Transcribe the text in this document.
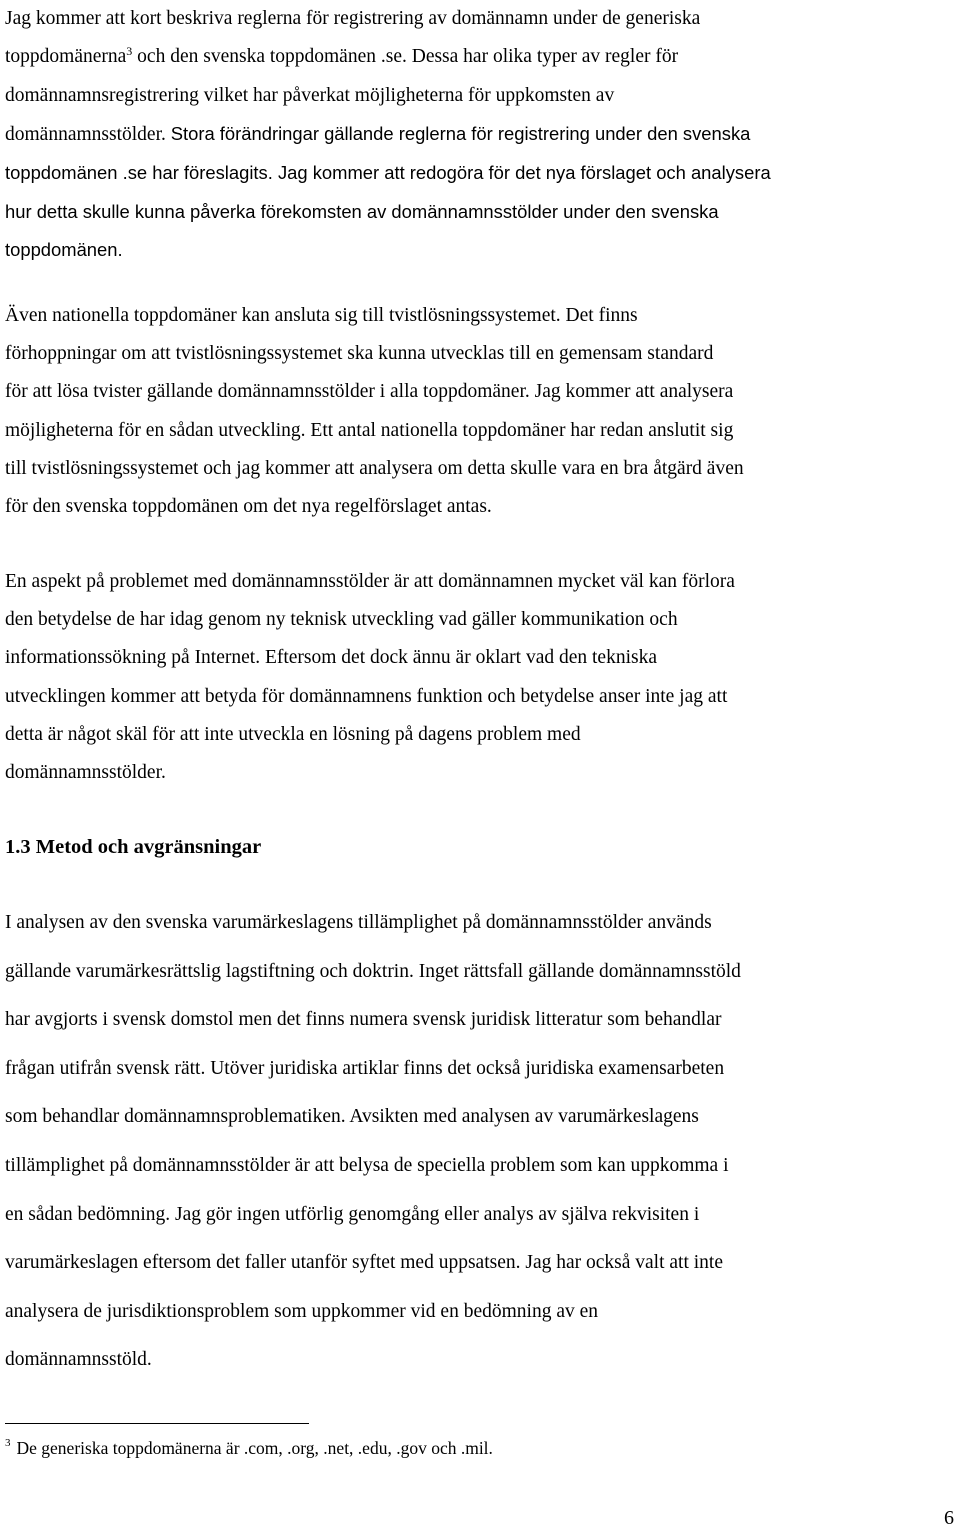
Jag kommer att kort beskriva reglerna för registrering av domännamn under de generiska
toppdomänerna$^3$ och den svenska toppdomänen .se. Dessa har olika typer av regler för
domännamnsregistrering vilket har påverkat möjligheterna för uppkomsten av
domännamnsstölder. Stora förändringar gällande reglerna för registrering under den svenska
toppdomänen .se har föreslagits. Jag kommer att redogöra för det nya förslaget och analysera
hur detta skulle kunna påverka förekomsten av domännamnsstölder under den svenska
toppdomänen.
Även nationella toppdomäner kan ansluta sig till tvistlösningssystemet. Det finns
förhoppningar om att tvistlösningssystemet ska kunna utvecklas till en gemensam standard
för att lösa tvister gällande domännamnsstölder i alla toppdomäner. Jag kommer att analysera
möjligheterna för en sådan utveckling. Ett antal nationella toppdomäner har redan anslutit sig
till tvistlösningssystemet och jag kommer att analysera om detta skulle vara en bra åtgärd även
för den svenska toppdomänen om det nya regelförslaget antas.
En aspekt på problemet med domännamnsstölder är att domännamnen mycket väl kan förlora
den betydelse de har idag genom ny teknisk utveckling vad gäller kommunikation och
informationssökning på Internet. Eftersom det dock ännu är oklart vad den tekniska
utvecklingen kommer att betyda för domännamnens funktion och betydelse anser inte jag att
detta är något skäl för att inte utveckla en lösning på dagens problem med
domännamnsstölder.
1.3 Metod och avgränsningar
I analysen av den svenska varumärkeslagens tillämplighet på domännamnsstölder används
gällande varumärkesrättslig lagstiftning och doktrin. Inget rättsfall gällande domännamnsstöld
har avgjorts i svensk domstol men det finns numera svensk juridisk litteratur som behandlar
frågan utifrån svensk rätt. Utöver juridiska artiklar finns det också juridiska examensarbeten
som behandlar domännamnsproblematiken. Avsikten med analysen av varumärkeslagens
tillämplighet på domännamnsstölder är att belysa de speciella problem som kan uppkomma i
en sådan bedömning. Jag gör ingen utförlig genomgång eller analys av själva rekvisiten i
varumärkeslagen eftersom det faller utanför syftet med uppsatsen. Jag har också valt att inte
analysera de jurisdiktionsproblem som uppkommer vid en bedömning av en
domännamnsstöld.

$^3$ De generiska toppdomänerna är .com, .org, .net, .edu, .gov och .mil.

6
